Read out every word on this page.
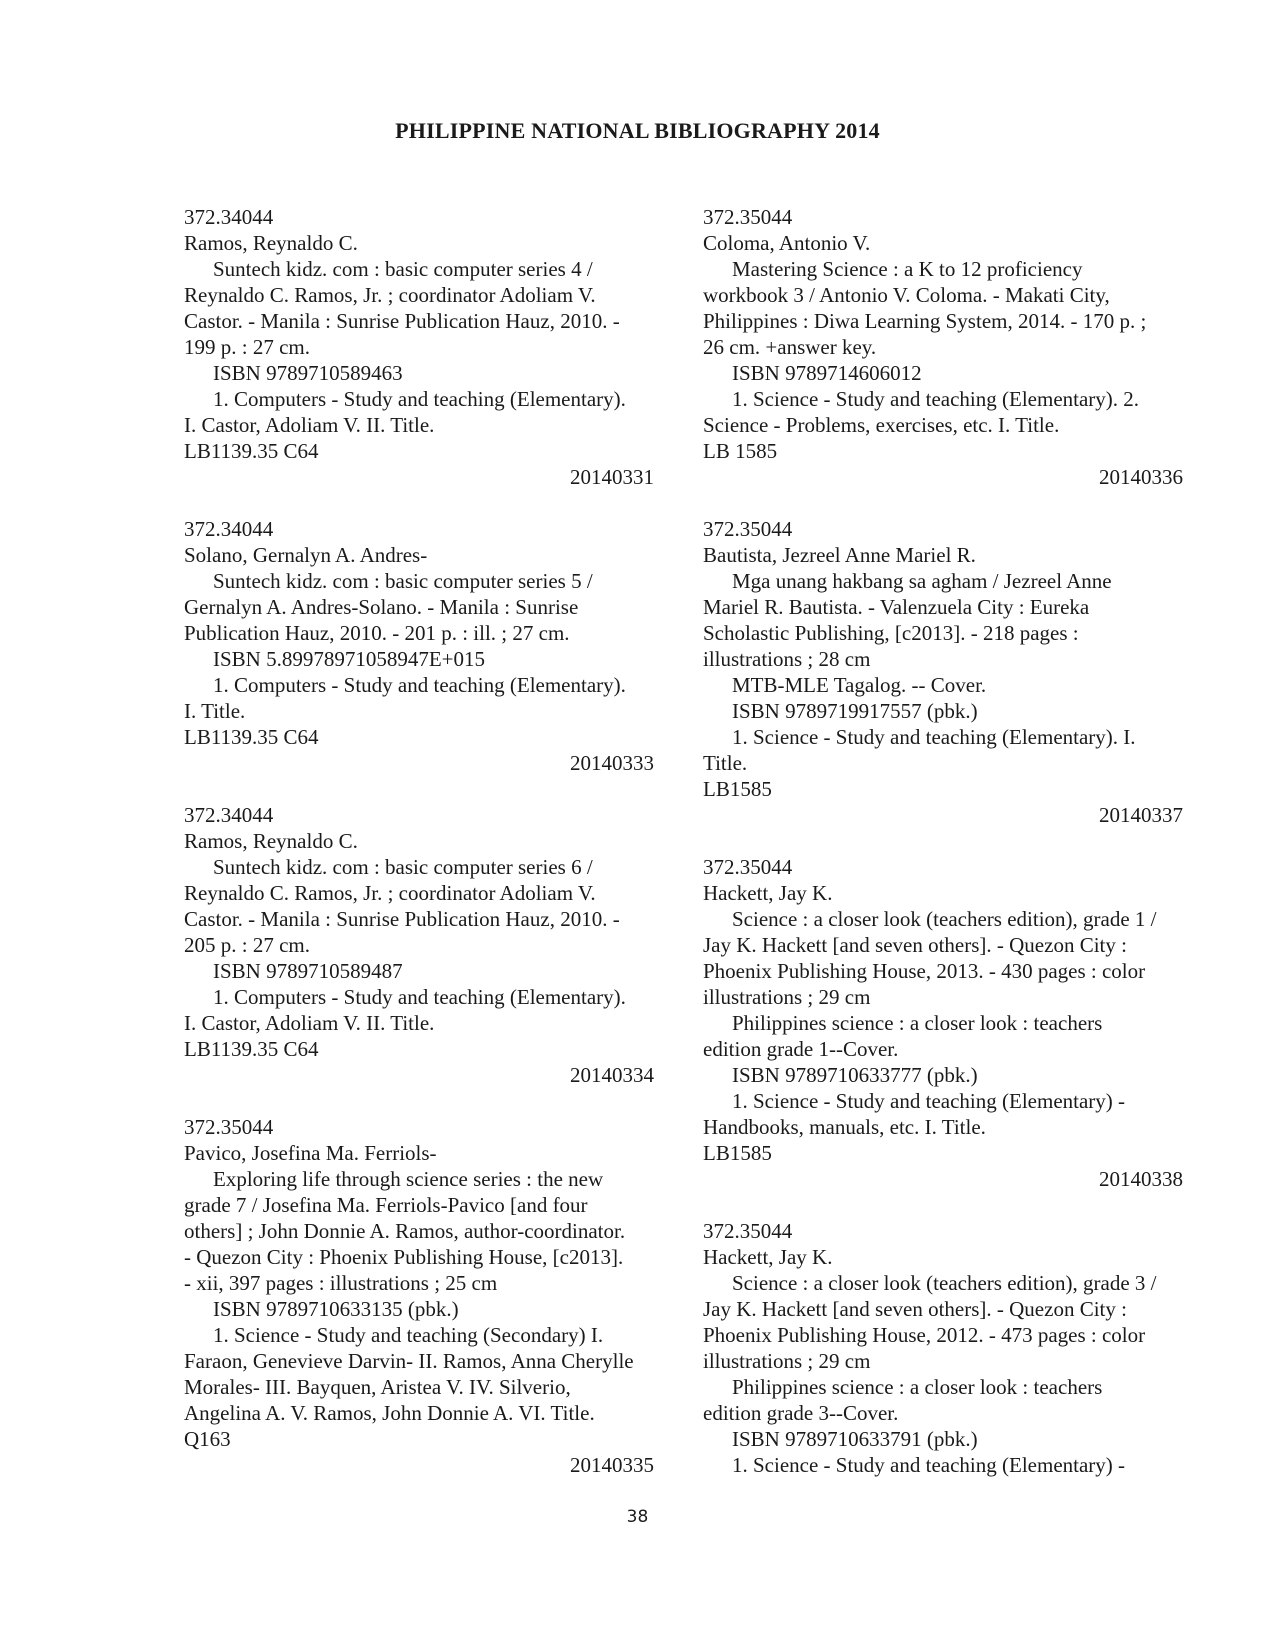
PHILIPPINE NATIONAL BIBLIOGRAPHY 2014
372.34044
Ramos, Reynaldo C.
Suntech kidz. com : basic computer series 4 /
Reynaldo C. Ramos, Jr. ; coordinator Adoliam V.
Castor. - Manila : Sunrise Publication Hauz, 2010. -
199 p. : 27 cm.
ISBN 9789710589463
1. Computers - Study and teaching (Elementary).
I. Castor, Adoliam V. II. Title.
LB1139.35 C64
20140331
372.34044
Solano, Gernalyn A. Andres-
Suntech kidz. com : basic computer series 5 /
Gernalyn A. Andres-Solano. - Manila : Sunrise
Publication Hauz, 2010. - 201 p. : ill. ; 27 cm.
ISBN 5.89978971058947E+015
1. Computers - Study and teaching (Elementary).
I. Title.
LB1139.35 C64
20140333
372.34044
Ramos, Reynaldo C.
Suntech kidz. com : basic computer series 6 /
Reynaldo C. Ramos, Jr. ; coordinator Adoliam V.
Castor. - Manila : Sunrise Publication Hauz, 2010. -
205 p. : 27 cm.
ISBN 9789710589487
1. Computers - Study and teaching (Elementary).
I. Castor, Adoliam V. II. Title.
LB1139.35 C64
20140334
372.35044
Pavico, Josefina Ma. Ferriols-
Exploring life through science series : the new
grade 7 / Josefina Ma. Ferriols-Pavico [and four
others] ; John Donnie A. Ramos, author-coordinator.
- Quezon City : Phoenix Publishing House, [c2013].
- xii, 397 pages : illustrations ; 25 cm
ISBN 9789710633135 (pbk.)
1. Science - Study and teaching (Secondary) I.
Faraon, Genevieve Darvin- II. Ramos, Anna Cherylle
Morales- III. Bayquen, Aristea V. IV. Silverio,
Angelina A. V. Ramos, John Donnie A. VI. Title.
Q163
20140335
372.35044
Coloma, Antonio V.
Mastering Science : a K to 12 proficiency
workbook 3 / Antonio V. Coloma. - Makati City,
Philippines : Diwa Learning System, 2014. - 170 p. ;
26 cm. +answer key.
ISBN 9789714606012
1. Science - Study and teaching (Elementary). 2.
Science - Problems, exercises, etc. I. Title.
LB 1585
20140336
372.35044
Bautista, Jezreel Anne Mariel R.
Mga unang hakbang sa agham / Jezreel Anne
Mariel R. Bautista. - Valenzuela City : Eureka
Scholastic Publishing, [c2013]. - 218 pages :
illustrations ; 28 cm
MTB-MLE Tagalog. -- Cover.
ISBN 9789719917557 (pbk.)
1. Science - Study and teaching (Elementary). I.
Title.
LB1585
20140337
372.35044
Hackett, Jay K.
Science : a closer look (teachers edition), grade 1 /
Jay K. Hackett [and seven others]. - Quezon City :
Phoenix Publishing House, 2013. - 430 pages : color
illustrations ; 29 cm
Philippines science : a closer look : teachers
edition grade 1--Cover.
ISBN 9789710633777 (pbk.)
1. Science - Study and teaching (Elementary) -
Handbooks, manuals, etc. I. Title.
LB1585
20140338
372.35044
Hackett, Jay K.
Science : a closer look (teachers edition), grade 3 /
Jay K. Hackett [and seven others]. - Quezon City :
Phoenix Publishing House, 2012. - 473 pages : color
illustrations ; 29 cm
Philippines science : a closer look : teachers
edition grade 3--Cover.
ISBN 9789710633791 (pbk.)
1. Science - Study and teaching (Elementary) -
38
